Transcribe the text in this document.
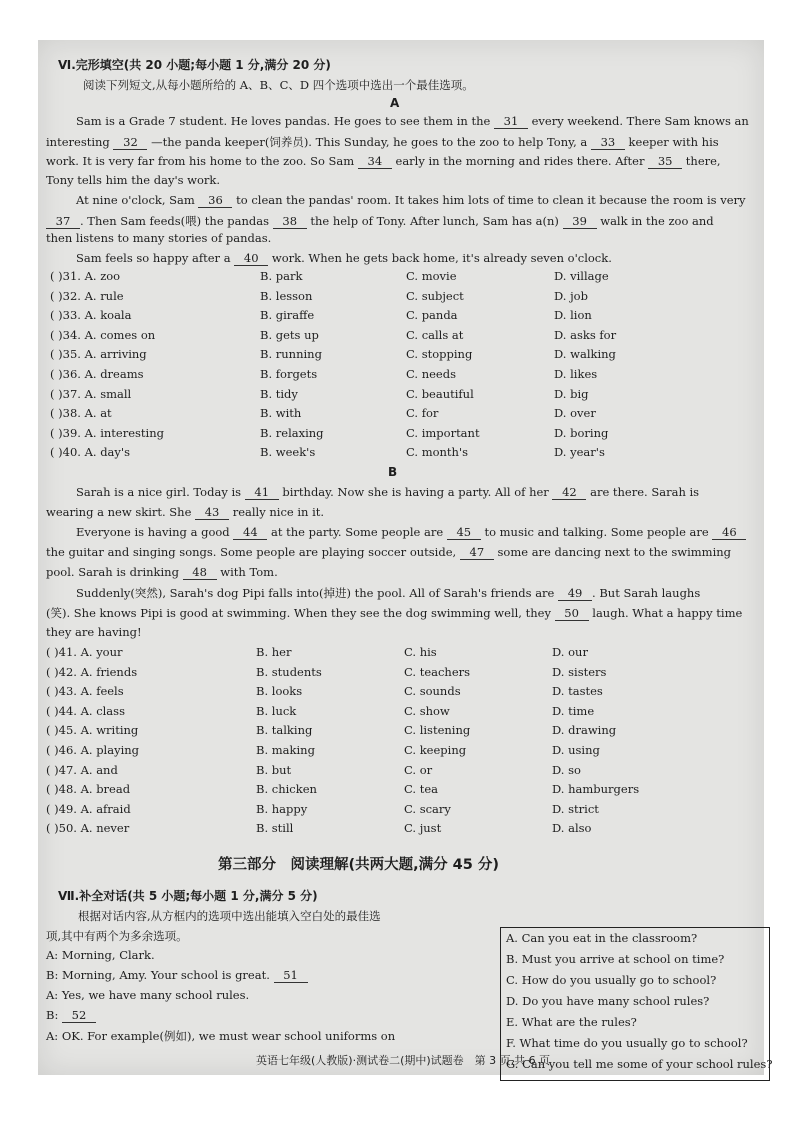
Ⅵ.完形填空(共 20 小题;每小题 1 分,满分 20 分)
阅读下列短文,从每小题所给的 A、B、C、D 四个选项中选出一个最佳选项。
A
Sam is a Grade 7 student. He loves pandas. He goes to see them in the 31 every weekend. There Sam knows an
interesting 32 —the panda keeper(饲养员). This Sunday, he goes to the zoo to help Tony, a 33 keeper with his
work. It is very far from his home to the zoo. So Sam 34 early in the morning and rides there. After 35 there,
Tony tells him the day's work.
At nine o'clock, Sam 36 to clean the pandas' room. It takes him lots of time to clean it because the room is very
37 . Then Sam feeds(喂) the pandas 38 the help of Tony. After lunch, Sam has a(n) 39 walk in the zoo and
then listens to many stories of pandas.
Sam feels so happy after a 40 work. When he gets back home, it's already seven o'clock.
( )31. A. zoo	B. park	C. movie	D. village
( )32. A. rule	B. lesson	C. subject	D. job
( )33. A. koala	B. giraffe	C. panda	D. lion
( )34. A. comes on	B. gets up	C. calls at	D. asks for
( )35. A. arriving	B. running	C. stopping	D. walking
( )36. A. dreams	B. forgets	C. needs	D. likes
( )37. A. small	B. tidy	C. beautiful	D. big
( )38. A. at	B. with	C. for	D. over
( )39. A. interesting	B. relaxing	C. important	D. boring
( )40. A. day's	B. week's	C. month's	D. year's
B
Sarah is a nice girl. Today is 41 birthday. Now she is having a party. All of her 42 are there. Sarah is
wearing a new skirt. She 43 really nice in it.
Everyone is having a good 44 at the party. Some people are 45 to music and talking. Some people are 46
the guitar and singing songs. Some people are playing soccer outside, 47 some are dancing next to the swimming
pool. Sarah is drinking 48 with Tom.
Suddenly(突然), Sarah's dog Pipi falls into(掉进) the pool. All of Sarah's friends are 49 . But Sarah laughs
(笑). She knows Pipi is good at swimming. When they see the dog swimming well, they 50 laugh. What a happy time
they are having!
( )41. A. your	B. her	C. his	D. our
( )42. A. friends	B. students	C. teachers	D. sisters
( )43. A. feels	B. looks	C. sounds	D. tastes
( )44. A. class	B. luck	C. show	D. time
( )45. A. writing	B. talking	C. listening	D. drawing
( )46. A. playing	B. making	C. keeping	D. using
( )47. A. and	B. but	C. or	D. so
( )48. A. bread	B. chicken	C. tea	D. hamburgers
( )49. A. afraid	B. happy	C. scary	D. strict
( )50. A. never	B. still	C. just	D. also
第三部分　阅读理解(共两大题,满分 45 分)
Ⅶ.补全对话(共 5 小题;每小题 1 分,满分 5 分)
根据对话内容,从方框内的选项中选出能填入空白处的最佳选
项,其中有两个为多余选项。
A: Morning, Clark.
B: Morning, Amy. Your school is great. 51
A: Yes, we have many school rules.
B: 52
A: OK. For example(例如), we must wear school uniforms on
A. Can you eat in the classroom?
B. Must you arrive at school on time?
C. How do you usually go to school?
D. Do you have many school rules?
E. What are the rules?
F. What time do you usually go to school?
G. Can you tell me some of your school rules?
英语七年级(人教版)·测试卷二(期中)试题卷　第 3 页,共 6 页
